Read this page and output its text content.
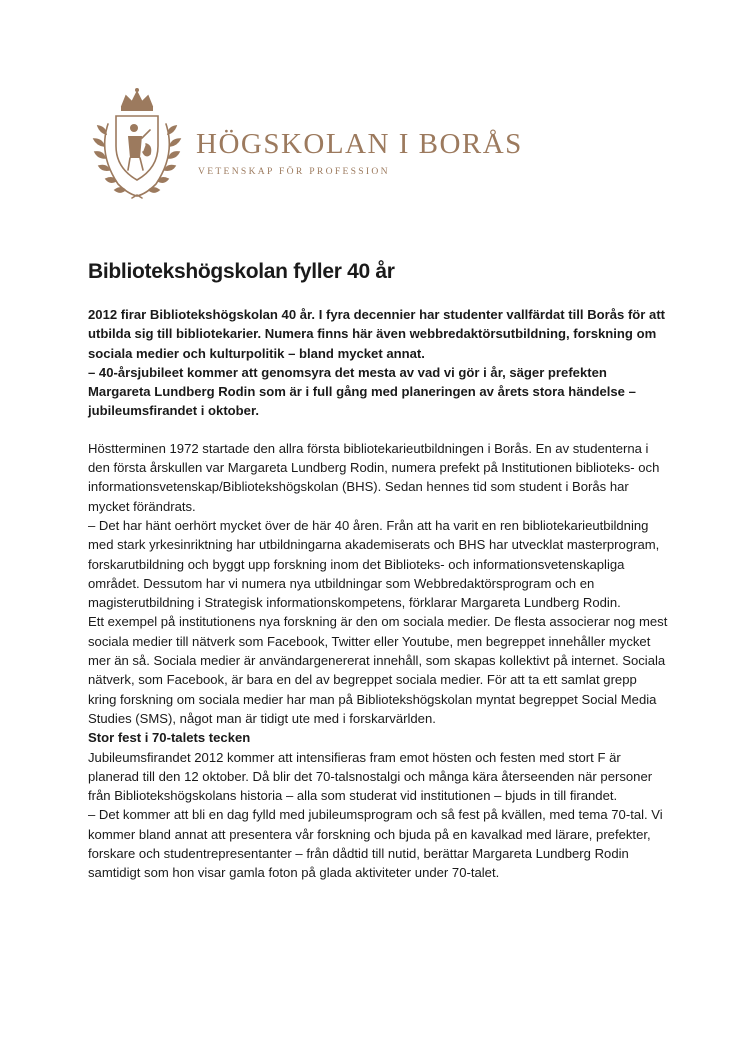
HÖGSKOLAN I BORÅS
VETENSKAP FÖR PROFESSION
Bibliotekshögskolan fyller 40 år

2012 firar Bibliotekshögskolan 40 år. I fyra decennier har studenter vallfärdat till Borås för att utbilda sig till bibliotekarier. Numera finns här även webbredaktörsutbildning, forskning om sociala medier och kulturpolitik – bland mycket annat.

– 40-årsjubileet kommer att genomsyra det mesta av vad vi gör i år, säger prefekten Margareta Lundberg Rodin som är i full gång med planeringen av årets stora händelse – jubileumsfirandet i oktober.

Höstterminen 1972 startade den allra första bibliotekarieutbildningen i Borås. En av studenterna i den första årskullen var Margareta Lundberg Rodin, numera prefekt på Institutionen biblioteks- och informationsvetenskap/Bibliotekshögskolan (BHS). Sedan hennes tid som student i Borås har mycket förändrats.

– Det har hänt oerhört mycket över de här 40 åren. Från att ha varit en ren bibliotekarieutbildning med stark yrkesinriktning har utbildningarna akademiserats och BHS har utvecklat masterprogram, forskarutbildning och byggt upp forskning inom det Biblioteks- och informationsvetenskapliga området. Dessutom har vi numera nya utbildningar som Webbredaktörsprogram och en magisterutbildning i Strategisk informationskompetens, förklarar Margareta Lundberg Rodin.

Ett exempel på institutionens nya forskning är den om sociala medier. De flesta associerar nog mest sociala medier till nätverk som Facebook, Twitter eller Youtube, men begreppet innehåller mycket mer än så. Sociala medier är användargenererat innehåll, som skapas kollektivt på internet. Sociala nätverk, som Facebook, är bara en del av begreppet sociala medier. För att ta ett samlat grepp kring forskning om sociala medier har man på Bibliotekshögskolan myntat begreppet Social Media Studies (SMS), något man är tidigt ute med i forskarvärlden.

Stor fest i 70-talets tecken

Jubileumsfirandet 2012 kommer att intensifieras fram emot hösten och festen med stort F är planerad till den 12 oktober. Då blir det 70-talsnostalgi och många kära återseenden när personer från Bibliotekshögskolans historia – alla som studerat vid institutionen – bjuds in till firandet.

– Det kommer att bli en dag fylld med jubileumsprogram och så fest på kvällen, med tema 70-tal. Vi kommer bland annat att presentera vår forskning och bjuda på en kavalkad med lärare, prefekter, forskare och studentrepresentanter – från dådtid till nutid, berättar Margareta Lundberg Rodin samtidigt som hon visar gamla foton på glada aktiviteter under 70-talet.
